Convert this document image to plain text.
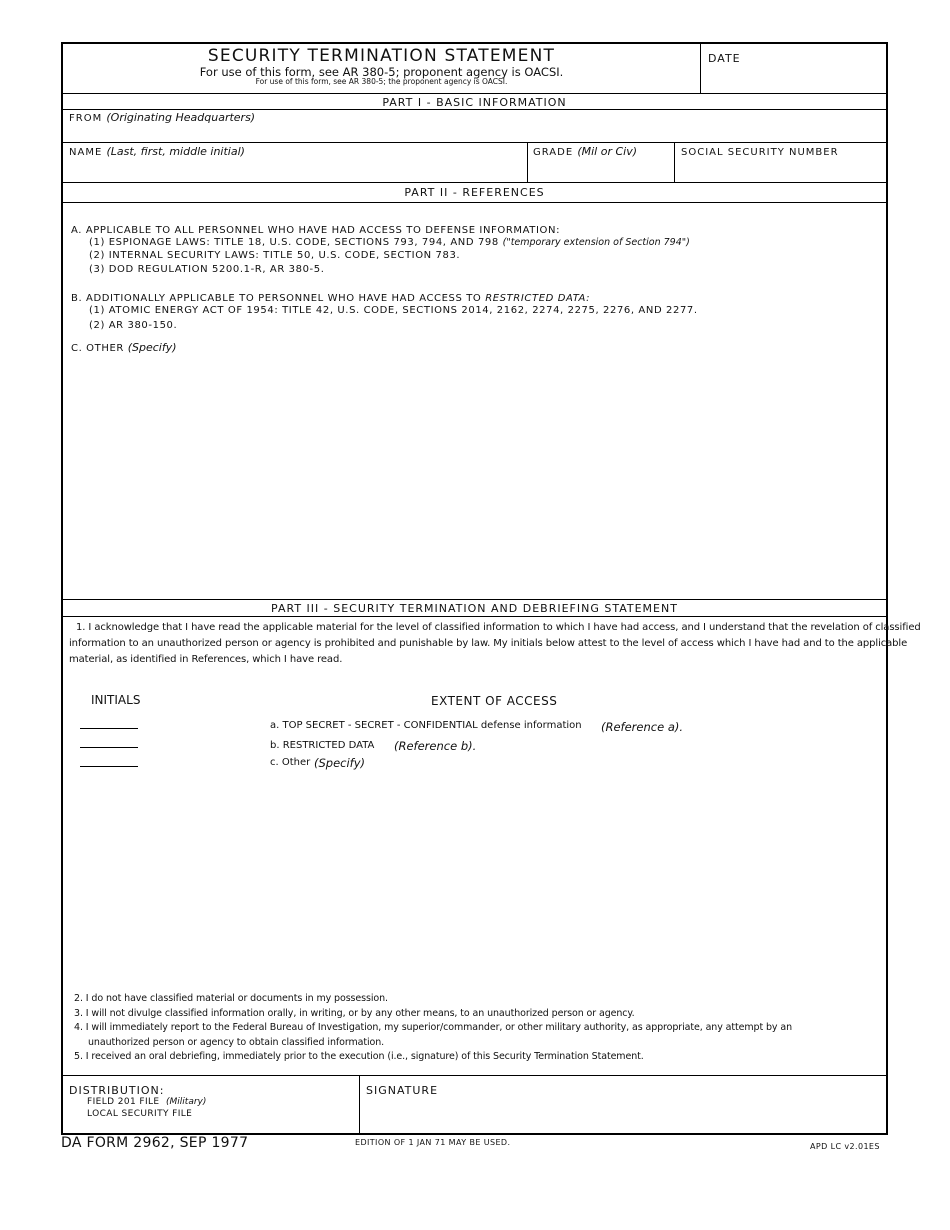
SECURITY TERMINATION STATEMENT
For use of this form, see AR 380-5; proponent agency is OACSI.
For use of this form, see AR 380-5; the proponent agency is OACSI.
DATE
PART I - BASIC INFORMATION
FROM (Originating Headquarters)
NAME (Last, first, middle initial)	GRADE (Mil or Civ)	SOCIAL SECURITY NUMBER
PART II - REFERENCES
A. APPLICABLE TO ALL PERSONNEL WHO HAVE HAD ACCESS TO DEFENSE INFORMATION:
(1) ESPIONAGE LAWS: TITLE 18, U.S. CODE, SECTIONS 793, 794, AND 798 ("temporary extension of Section 794")
(2) INTERNAL SECURITY LAWS: TITLE 50, U.S. CODE, SECTION 783.
(3) DOD REGULATION 5200.1-R, AR 380-5.
B. ADDITIONALLY APPLICABLE TO PERSONNEL WHO HAVE HAD ACCESS TO RESTRICTED DATA:
(1) ATOMIC ENERGY ACT OF 1954: TITLE 42, U.S. CODE, SECTIONS 2014, 2162, 2274, 2275, 2276, AND 2277.
(2) AR 380-150.
C. OTHER (Specify)
PART III - SECURITY TERMINATION AND DEBRIEFING STATEMENT
1. I acknowledge that I have read the applicable material for the level of classified information to which I have had access, and I understand that the revelation of classified
information to an unauthorized person or agency is prohibited and punishable by law. My initials below attest to the level of access which I have had and to the applicable
material, as identified in References, which I have read.
INITIALS	EXTENT OF ACCESS
a. TOP SECRET - SECRET - CONFIDENTIAL defense information (Reference a).
b. RESTRICTED DATA (Reference b).
c. Other (Specify)
2. I do not have classified material or documents in my possession.
3. I will not divulge classified information orally, in writing, or by any other means, to an unauthorized person or agency.
4. I will immediately report to the Federal Bureau of Investigation, my superior/commander, or other military authority, as appropriate, any attempt by an
unauthorized person or agency to obtain classified information.
5. I received an oral debriefing, immediately prior to the execution (i.e., signature) of this Security Termination Statement.
DISTRIBUTION:
FIELD 201 FILE (Military)
LOCAL SECURITY FILE
SIGNATURE
DA FORM 2962, SEP 1977	EDITION OF 1 JAN 71 MAY BE USED.	APD LC v2.01ES
